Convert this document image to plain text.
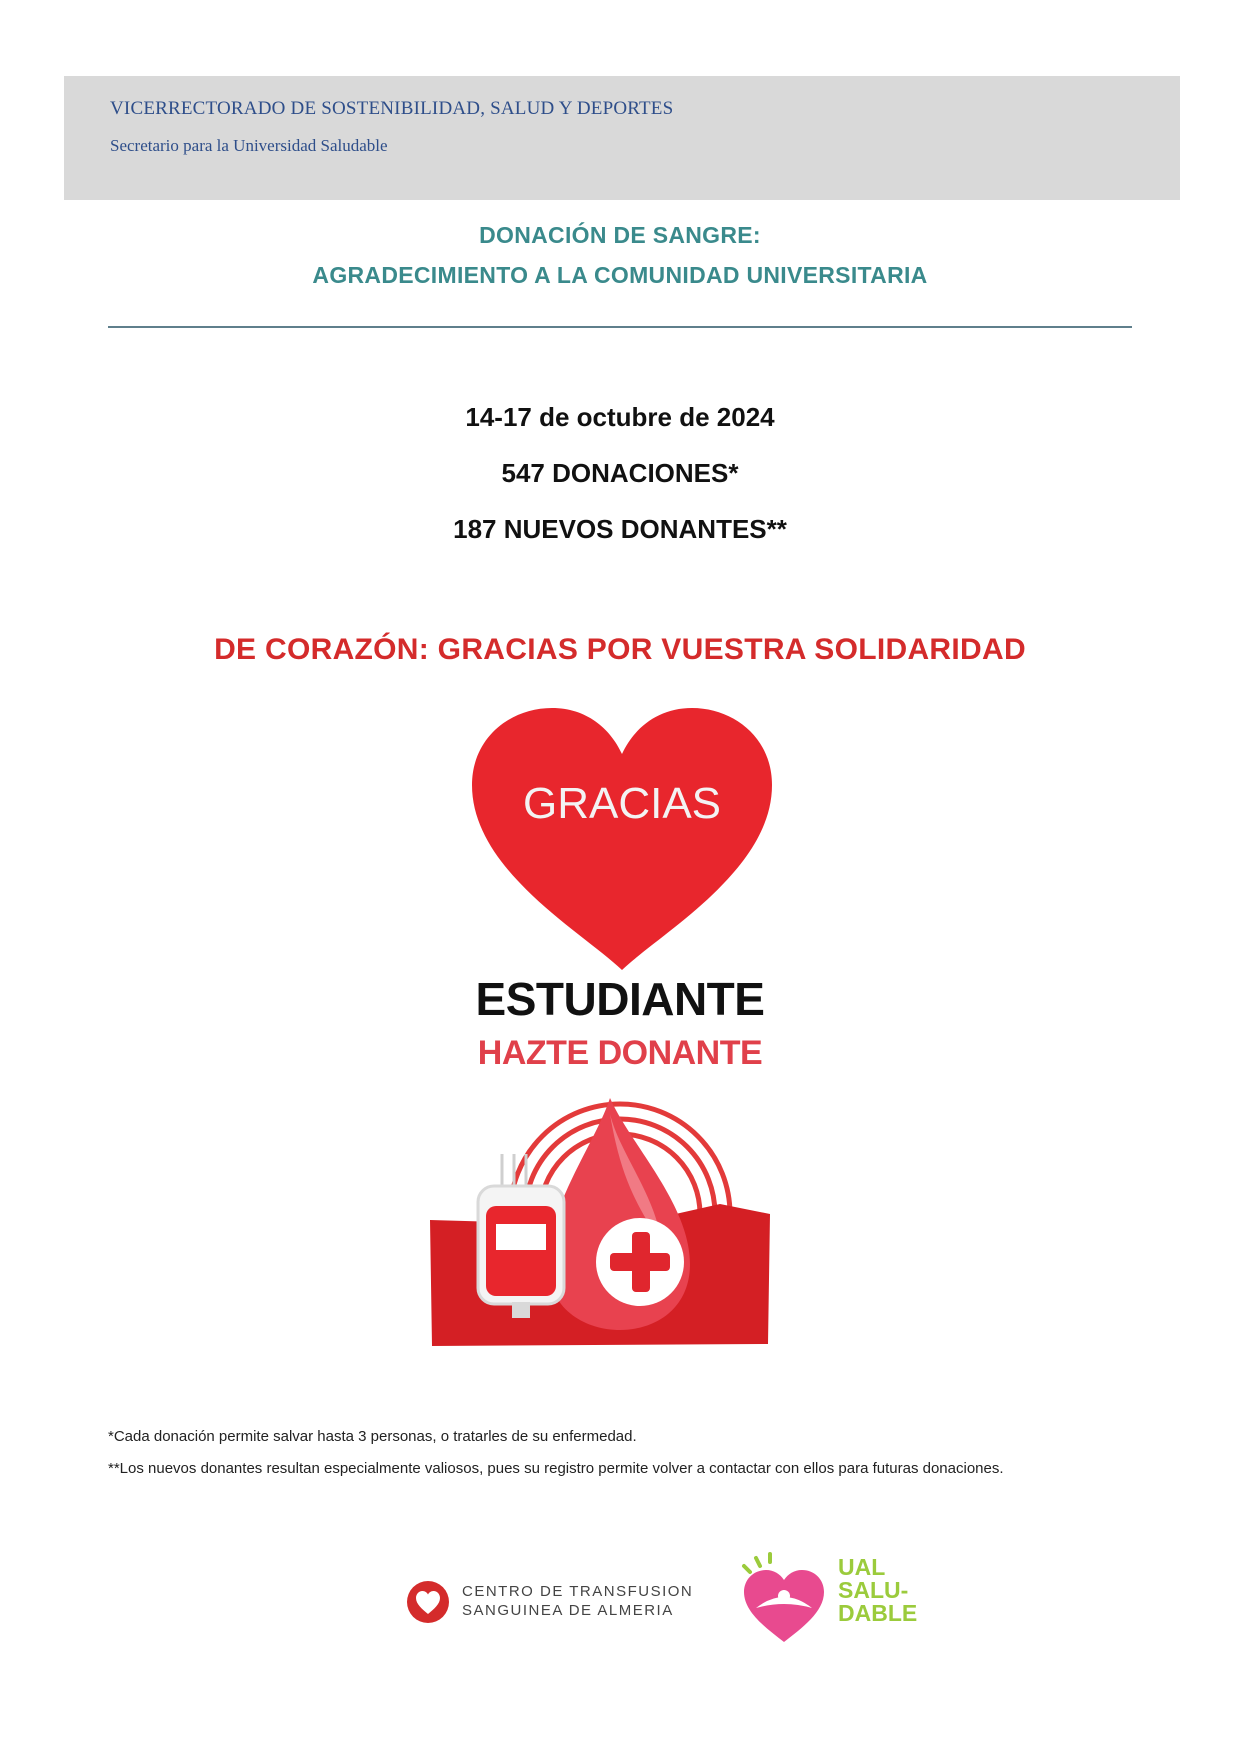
VICERRECTORADO DE SOSTENIBILIDAD, SALUD Y DEPORTES
Secretario para la Universidad Saludable
DONACIÓN DE SANGRE:
AGRADECIMIENTO A LA COMUNIDAD UNIVERSITARIA
14-17 de octubre de 2024
547 DONACIONES*
187 NUEVOS DONANTES**
DE CORAZÓN: GRACIAS POR VUESTRA SOLIDARIDAD
GRACIAS
ESTUDIANTE
HAZTE DONANTE
*Cada donación permite salvar hasta 3 personas, o tratarles de su enfermedad.
**Los nuevos donantes resultan especialmente valiosos, pues su registro permite volver a contactar con ellos para futuras donaciones.
CENTRO DE TRANSFUSION
SANGUINEA DE ALMERIA
UAL
SALU-
DABLE
